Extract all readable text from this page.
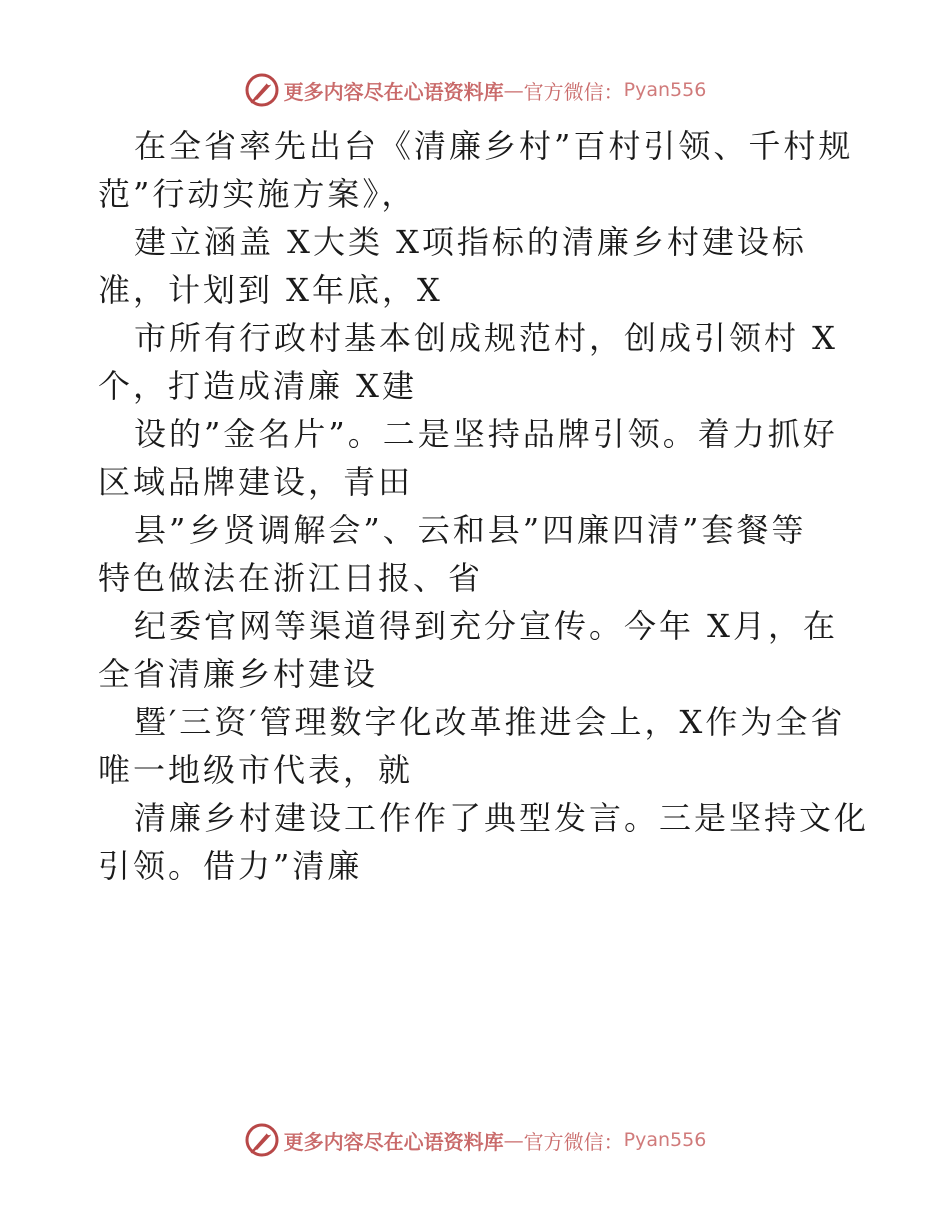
更多内容尽在心语资料库 — 官方微信： Pyan556

在全省率先出台《清廉乡村”百村引领、千村规

范”行动实施方案》，

建立涵盖 X大类 X项指标的清廉乡村建设标

准，计划到 X年底，X

市所有行政村基本创成规范村，创成引领村 X

个，打造成清廉 X建

设的”金名片”。二是坚持品牌引领。着力抓好

区域品牌建设，青田

县”乡贤调解会”、云和县”四廉四清”套餐等

特色做法在浙江日报、省

纪委官网等渠道得到充分宣传。今年 X月，在

全省清廉乡村建设

暨′三资′管理数字化改革推进会上，X作为全省

唯一地级市代表，就

清廉乡村建设工作作了典型发言。三是坚持文化

引领。借力”清廉

更多内容尽在心语资料库 — 官方微信： Pyan556
